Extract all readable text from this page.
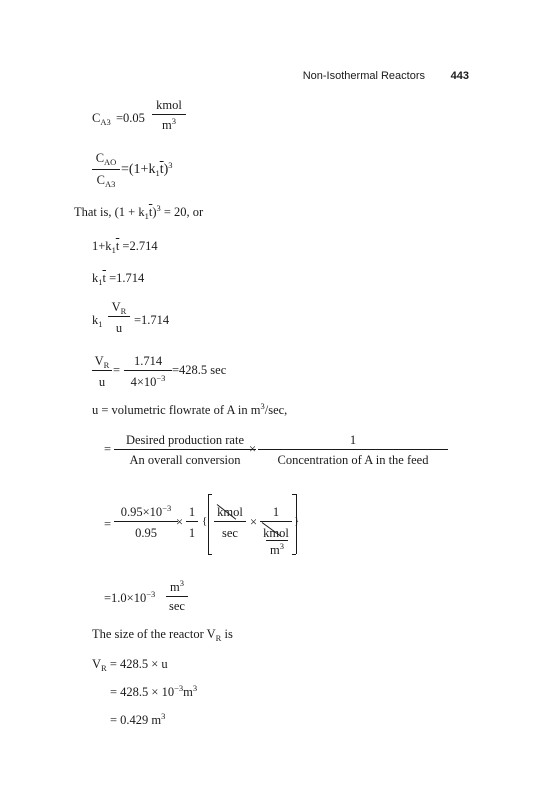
Non-Isothermal Reactors 443
$C_{A3} =0.05$
kmol
$m^3$
$C_{AO}$
$C_{A3}$
$=(1+k_1\overline{t})^3$
That is, $(1 + k_1\overline{t})^3 = 20$, or
$1+k_1\overline{t} =2.714$
$k_1\overline{t} =1.714$
$k_1$
$V_R$
u
=1.714
$V_R$
u
=
1.714
$4\times 10^{-3}$
=428.5 sec
u = volumetric flowrate of A in $m^3/\sec$,
=
Desired production rate
An overall conversion
×
1
Concentration of A in the feed
=
$0.95\times 10^{-3}$
0.95
×
1
1
{
kmol
sec
×
1
kmol
$m^3$
}
$=1.0\times 10^{-3}$	$m^3$
sec
The size of the reactor $V_R$ is
$V_R = 428.5 \times u$
= $428.5 \times 10^{-3}m^3$
= 0.429 $m^3$
